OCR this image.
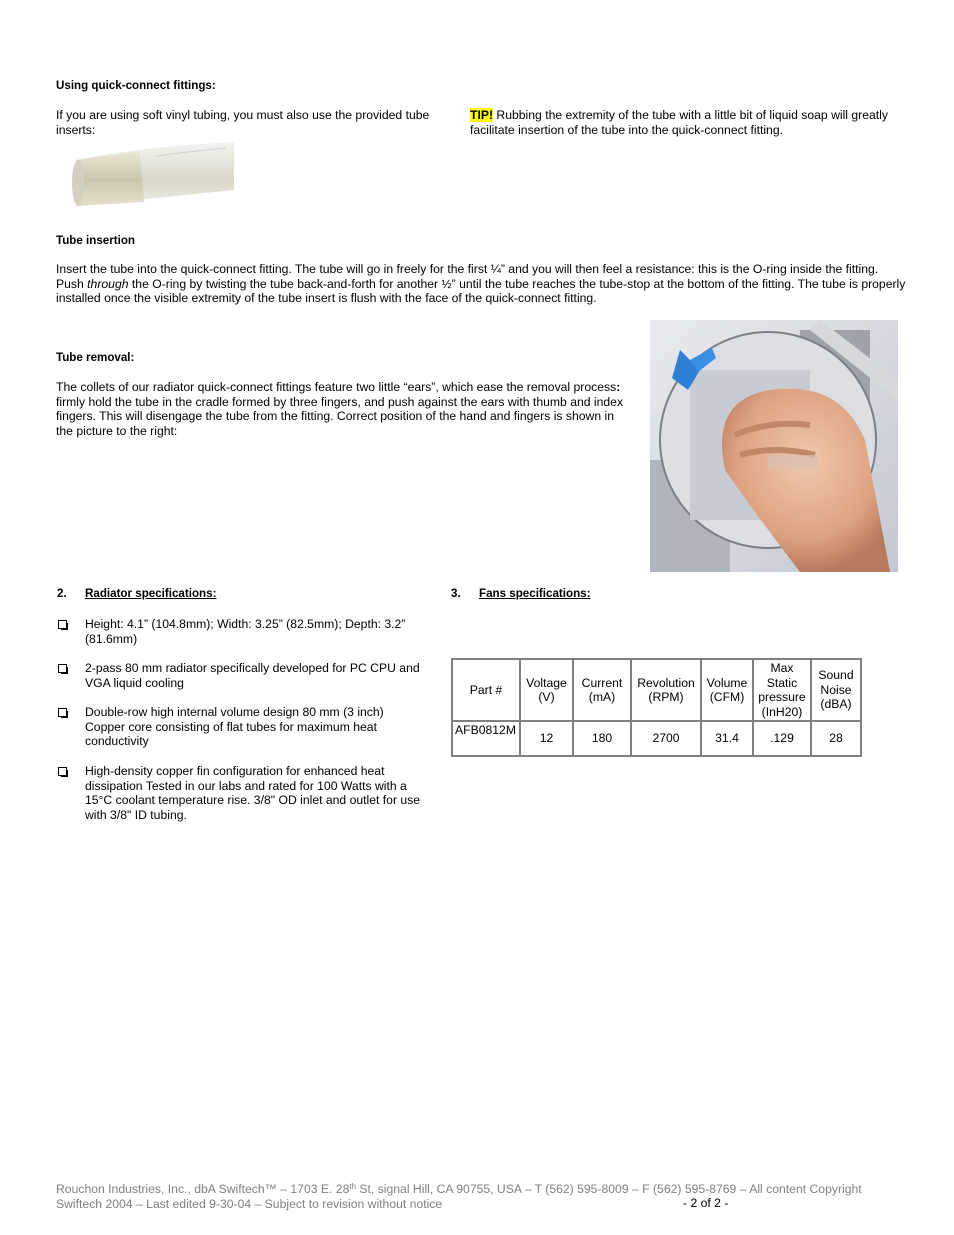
Using quick-connect fittings:

If you are using soft vinyl tubing, you must also use the provided tube inserts:

TIP! Rubbing the extremity of the tube with a little bit of liquid soap will greatly facilitate insertion of the tube into the quick-connect fitting.

Tube insertion

Insert the tube into the quick-connect fitting. The tube will go in freely for the first ¼” and you will then feel a resistance: this is the O-ring inside the fitting. Push through the O-ring by twisting the tube back-and-forth for another ½” until the tube reaches the tube-stop at the bottom of the fitting. The tube is properly installed once the visible extremity of the tube insert is flush with the face of the quick-connect fitting.

Tube removal:

The collets of our radiator quick-connect fittings feature two little “ears”, which ease the removal process: firmly hold the tube in the cradle formed by three fingers, and push against the ears with thumb and index fingers. This will disengage the tube from the fitting. Correct position of the hand and fingers is shown in the picture to the right:

2. Radiator specifications:

Height: 4.1” (104.8mm); Width: 3.25” (82.5mm); Depth: 3.2” (81.6mm)

2-pass 80 mm radiator specifically developed for PC CPU and VGA liquid cooling

Double-row high internal volume design 80 mm (3 inch) Copper core consisting of flat tubes for maximum heat conductivity

High-density copper fin configuration for enhanced heat dissipation Tested in our labs and rated for 100 Watts with a 15°C coolant temperature rise. 3/8" OD inlet and outlet for use with 3/8" ID tubing.

3. Fans specifications:
Part #	Voltage (V)	Current (mA)	Revolution (RPM)	Volume (CFM)	Max Static pressure (InH20)	Sound Noise (dBA)
AFB0812M	12	180	2700	31.4	.129	28
Rouchon Industries, Inc., dbA Swiftech™ – 1703 E. 28th St, signal Hill, CA 90755, USA – T (562) 595-8009 – F (562) 595-8769 – All content Copyright
Swiftech 2004 – Last edited 9-30-04 – Subject to revision without notice	- 2 of 2 -
